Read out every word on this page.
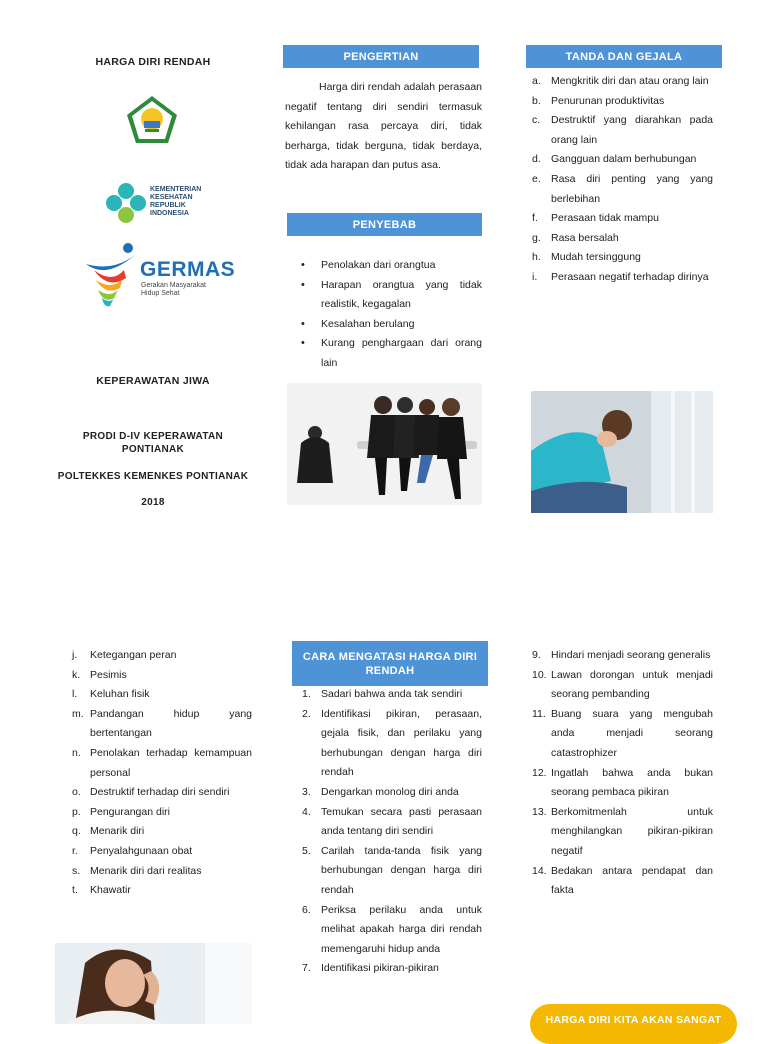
HARGA DIRI RENDAH
KEMENTERIAN
KESEHATAN
REPUBLIK
INDONESIA
GERMAS
Gerakan Masyarakat
Hidup Sehat
KEPERAWATAN JIWA
PRODI D-IV KEPERAWATAN
PONTIANAK
POLTEKKES KEMENKES PONTIANAK
2018
PENGERTIAN
Harga diri rendah adalah perasaan negatif tentang diri sendiri termasuk kehilangan rasa percaya diri, tidak berharga, tidak berguna, tidak berdaya, tidak ada harapan dan putus asa.
PENYEBAB
• Penolakan dari orangtua
• Harapan orangtua yang tidak realistik, kegagalan
• Kesalahan berulang
• Kurang penghargaan dari orang lain
TANDA DAN GEJALA
a. Mengkritik diri dan atau orang lain
b. Penurunan produktivitas
c.	Destruktif yang diarahkan pada orang lain
d. Gangguan dalam berhubungan
e. Rasa diri penting yang yang berlebihan
f.	Perasaan tidak mampu
g. Rasa bersalah
h. Mudah tersinggung
i.	Perasaan negatif terhadap dirinya
j.	Ketegangan peran
k. Pesimis
l.	Keluhan fisik
m. Pandangan hidup yang bertentangan
n. Penolakan terhadap kemampuan personal
o. Destruktif terhadap diri sendiri
p. Pengurangan diri
q. Menarik diri
r.	Penyalahgunaan obat
s. Menarik diri dari realitas
t.	Khawatir
CARA MENGATASI HARGA DIRI
RENDAH
1. Sadari bahwa anda tak sendiri
2. Identifikasi pikiran, perasaan, gejala fisik, dan perilaku yang berhubungan dengan harga diri rendah
3. Dengarkan monolog diri anda
4. Temukan secara pasti perasaan anda tentang diri sendiri
5. Carilah tanda-tanda fisik yang berhubungan dengan harga diri rendah
6. Periksa perilaku anda untuk melihat apakah harga diri rendah memengaruhi hidup anda
7. Identifikasi pikiran-pikiran
9. Hindari menjadi seorang generalis
10. Lawan dorongan untuk menjadi seorang pembanding
11. Buang suara yang mengubah anda menjadi seorang catastrophizer
12. Ingatlah bahwa anda bukan seorang pembaca pikiran
13. Berkomitmenlah untuk menghilangkan pikiran-pikiran negatif
14. Bedakan antara pendapat dan fakta
HARGA DIRI KITA AKAN SANGAT
